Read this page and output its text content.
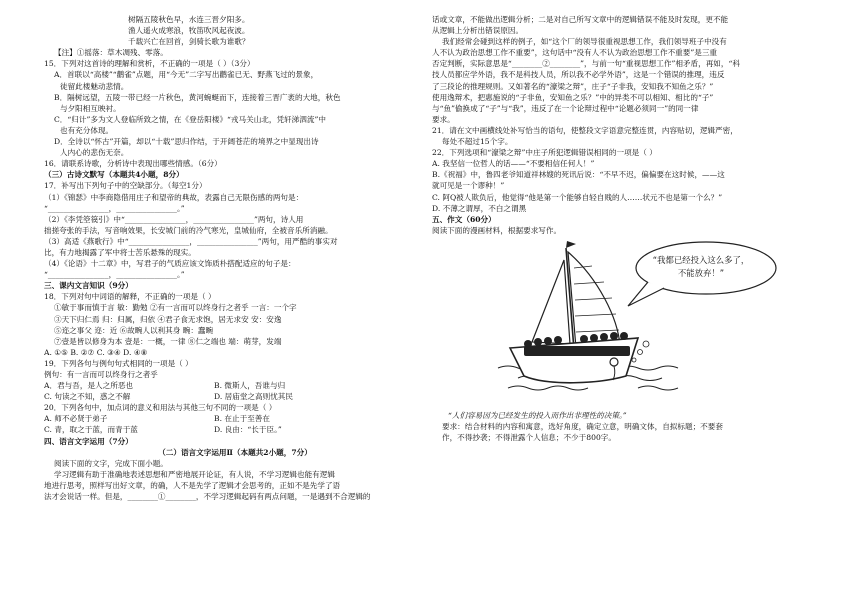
树隔五陵秋色早，水连三晋夕阳多。
渔人遥火成寒浪，牧笛吹风起夜波。
千载兴亡在回首，剑骑长歌为谁歌？
【注】①摇落：草木凋残、零落。
15．下列对这首诗的理解和赏析，不正确的一项是（ ）（3分）
A．首联以“高楼”“鹳雀”点题，用“今无”二字写出鹳雀已无、野燕飞过的景象，
徒留此楼魅动悲情。
B．隔树远望，五陵一带已经一片秋色，黄河蜿蜒而下，连接着三晋广袤的大地，秋色
与夕阳相互映衬。
C．“归计”多为文人登临所致之情，在《登岳阳楼》“戎马关山北，凭轩涕泗流”中
也有充分体现。
D．全诗以“怀古”开篇，却以“十载”思归作结，于开阔苍茫的境界之中显现出诗
人内心的悲伤无奈。
16．请联系诗歌，分析诗中表现出哪些情感。（6分）
（三）古诗文默写（本题共4小题，8分）
17．补写出下列句子中的空缺部分。（每空1分）
（1）《锦瑟》中李商隐借用庄子和望帝的典故，表露自己无限伤感的两句是：
“________________，________________。”
（2）《李凭箜篌引》中“________________，________________”两句，诗人用
拙搓夸张的手法，写音响效果，长安城门前的冷气寒光，皇城仙府，全被音乐所消融。
（3）高适《燕歌行》中“________________，________________”两句，用严酷的事实对
比，有力地揭露了军中将士苦乐悬殊的现实。
（4）《论语》十二章》中，写君子的气质应该文饰质朴搭配适应的句子是：
“________________，________________。”
三、课内文言知识（9分）
18．下列对句中词语的解释，不正确的一项是（ ）
①敏于事而慎于言 敏：勤勉 ②有一言而可以终身行之者乎 一言：一个字
③天下归仁焉 归：归属，归依 ④君子食无求饱，居无求安 安：安逸
⑤迩之事父 迩：近 ⑥故畹人以利其身 畹：蠢畹
⑦壹是皆以修身为本 壹是：一概，一律 ⑧仁之端也 端：萌芽，发端
A. ①⑤ B. ②⑦ C. ③④ D. ④⑧
19．下列各句与例句句式相同的一项是（ ）
例句：有一言而可以终身行之者乎
A．君与吾，是人之所恶也	B. 微斯人，吾谁与归
C. 句读之不知，惑之不解	D. 居庙堂之高则忧其民
20．下列各句中，加点词的意义和用法与其他三句不同的一项是（ ）
A. 师不必贤于弟子	B. 在止于至善在
C. 青，取之于蓝，而青于蓝	D. 良由：“长于臣。”
四、语言文字运用（7分）
（二）语言文字运用Ⅱ（本题共2小题，7分）
阅读下面的文字，完成下面小题。
学习逻辑有助于准确地表述思想和严密地展开论证，有人说，不学习逻辑也能有逻辑
地进行思考，照样写出好文章，的确，人不是先学了逻辑才会思考的，正如不是先学了语
法才会说话一样。但是，________①________，不学习逻辑起码有两点问题，一是遇到不合逻辑的
话或文章，不能做出逻辑分析；二是对自己所写文章中的逻辑错误不能及时发现，更不能
从逻辑上分析出错误原因。
我们经常会碰到这样的例子，如“这个厂的领导很重视思想工作，我们领导班子中没有
人不认为政治思想工作不重要”，这句话中“没有人不认为政治思想工作不重要”是三重
否定判断，实际意思是“________②________”，与前一句“重视思想工作”相矛盾，再如，“科
技人员都应学外语，我不是科技人员，所以我不必学外语”，这是一个错误的推理，违反
了三段论的推理规则。又如著名的“濠梁之辩”，庄子“子非我，安知我不知鱼之乐？”
使用逸辩术，把惠施说的“子非鱼，安知鱼之乐？”中的异类不可以相知、相比的“子”
与“鱼”偷换成了“子”与“我”，违反了在一个论辩过程中“论题必须同一”的同一律
要求。
21．请在文中画横线处补写恰当的语句，使整段文字语意完整连贯，内容贴切，逻辑严密，
每处不超过15个字。
22．下列选项和“濠梁之辩”中庄子所犯逻辑错误相同的一项是（ ）
A. 我坚信一位哲人的话——“不要相信任何人！”
B.《祝福》中，鲁四老爷知道祥林嫂的死讯后说：“不早不迟，偏偏要在这时候，——这
就可见是一个谬种！”
C. 阿Q被人欺负后，他觉得“他是第一个能够自轻自贱的人……状元不也是第一个么？”
D. 不薄之谓厚，不白之谓黑
五、作文（60分）
阅读下面的漫画材料，根据要求写作。
“我都已经投入这么多了，
不能放弃！”
“人们容易因为已经发生的投入而作出非理性的决策。”
要求：结合材料的内容和寓意，选好角度，确定立意，明确文体，自拟标题；不要套
作，不得抄袭；不得泄露个人信息；不少于800字。
